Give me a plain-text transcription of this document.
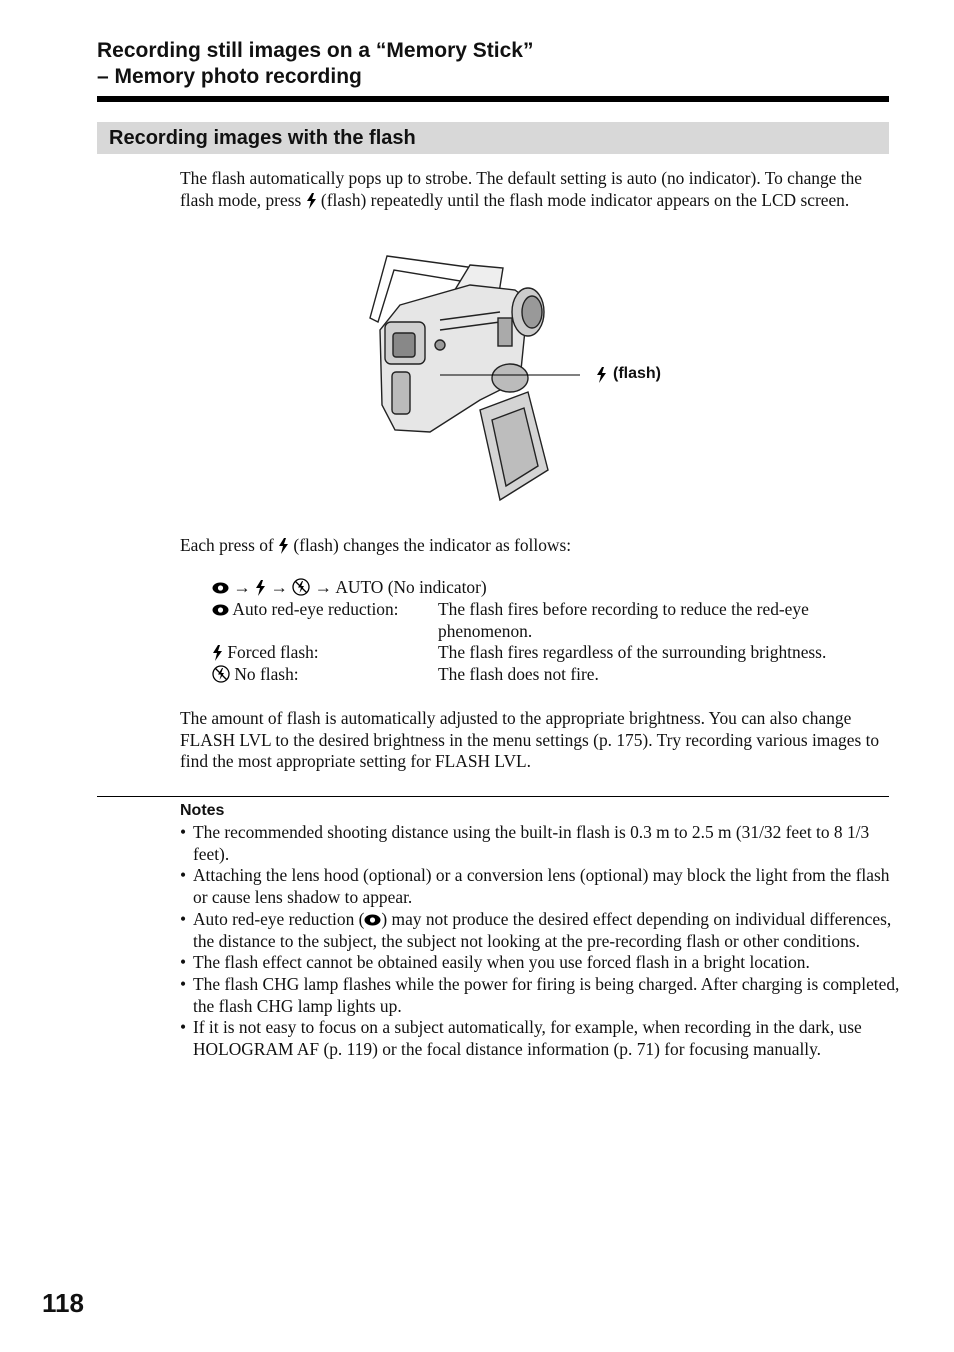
Recording still images on a “Memory Stick”
– Memory photo recording
Recording images with the flash

The flash automatically pops up to strobe. The default setting is auto (no indicator). To change the flash mode, press  (flash) repeatedly until the flash mode indicator appears on the LCD screen.

(flash)

Each press of  (flash) changes the indicator as follows:

→ → → AUTO (No indicator)
Auto red-eye reduction: The flash fires before recording to reduce the red-eye
phenomenon.
Forced flash:	The flash fires regardless of the surrounding brightness.
No flash:	The flash does not fire.

The amount of flash is automatically adjusted to the appropriate brightness. You can also change FLASH LVL to the desired brightness in the menu settings (p. 175). Try recording various images to find the most appropriate setting for FLASH LVL.

Notes
• The recommended shooting distance using the built-in flash is 0.3 m to 2.5 m (31/32 feet to 8 1/3 feet).
• Attaching the lens hood (optional) or a conversion lens (optional) may block the light from the flash or cause lens shadow to appear.
• Auto red-eye reduction ( ) may not produce the desired effect depending on individual differences, the distance to the subject, the subject not looking at the pre-recording flash or other conditions.
• The flash effect cannot be obtained easily when you use forced flash in a bright location.
• The flash CHG lamp flashes while the power for firing is being charged. After charging is completed, the flash CHG lamp lights up.
• If it is not easy to focus on a subject automatically, for example, when recording in the dark, use HOLOGRAM AF (p. 119) or the focal distance information (p. 71) for focusing manually.
118
